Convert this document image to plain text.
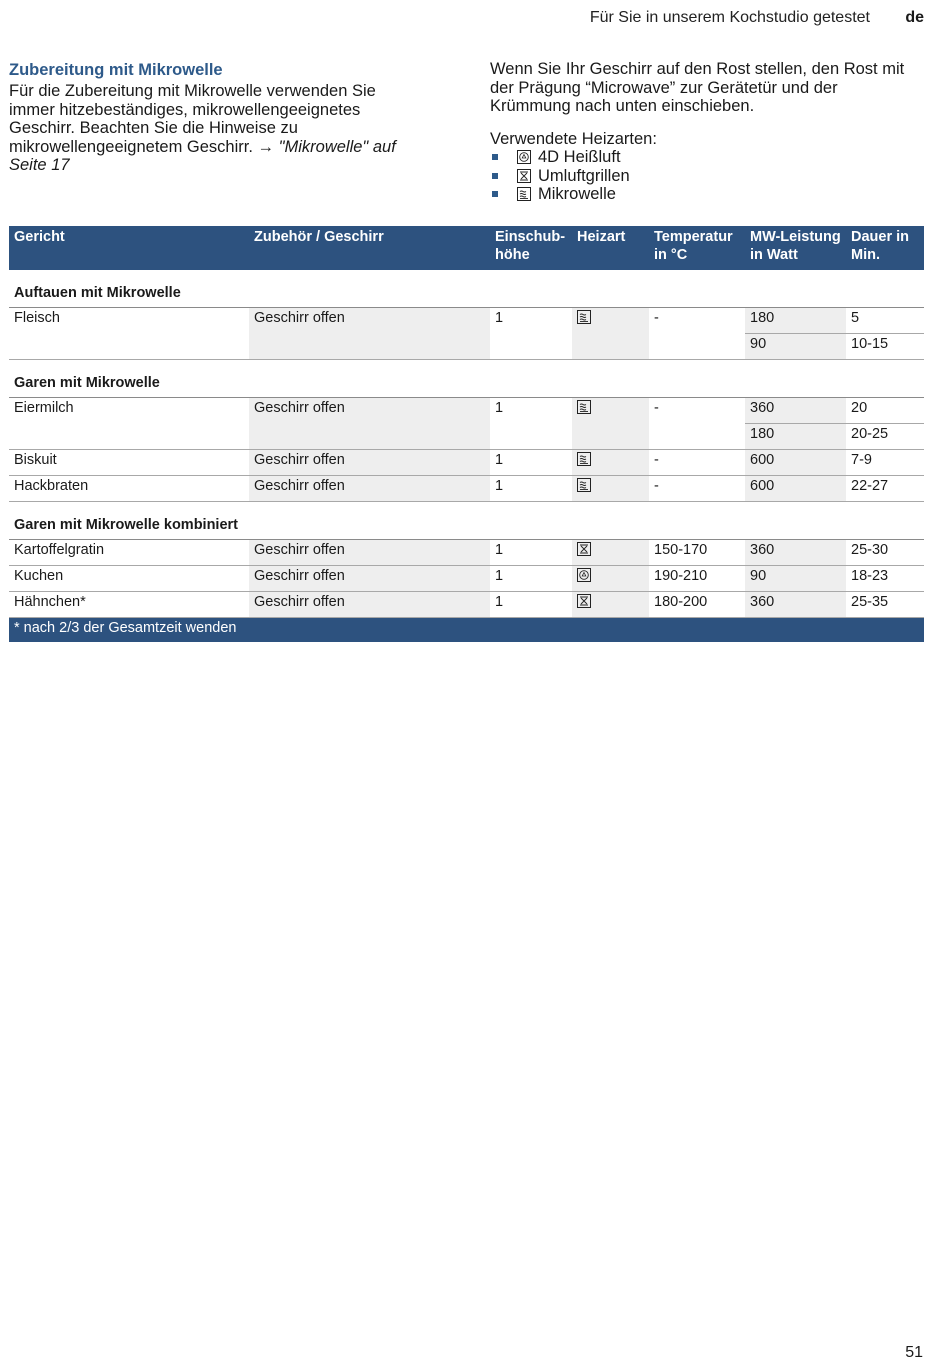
Für Sie in unserem Kochstudio getestet de
Zubereitung mit Mikrowelle

Für die Zubereitung mit Mikrowelle verwenden Sie immer hitzebeständiges, mikrowellengeeignetes Geschirr. Beachten Sie die Hinweise zu mikrowellengeeignetem Geschirr. → "Mikrowelle" auf Seite 17

Wenn Sie Ihr Geschirr auf den Rost stellen, den Rost mit der Prägung “Microwave” zur Gerätetür und der Krümmung nach unten einschieben.

Verwendete Heizarten:

4D Heißluft
Umluftgrillen
Mikrowelle
Gericht	Zubehör / Geschirr	Einschub-höhe	Heizart	Temperatur in °C	MW-Leistung in Watt	Dauer in Min.
Auftauen mit Mikrowelle						
Fleisch	Geschirr offen	1		-	180	5
					90	10-15
Garen mit Mikrowelle						
Eiermilch	Geschirr offen	1		-	360	20
					180	20-25
Biskuit	Geschirr offen	1		-	600	7-9
Hackbraten	Geschirr offen	1		-	600	22-27
Garen mit Mikrowelle kombiniert						
Kartoffelgratin	Geschirr offen	1		150-170	360	25-30
Kuchen	Geschirr offen	1		190-210	90	18-23
Hähnchen*	Geschirr offen	1		180-200	360	25-35
* nach 2/3 der Gesamtzeit wenden						
51
